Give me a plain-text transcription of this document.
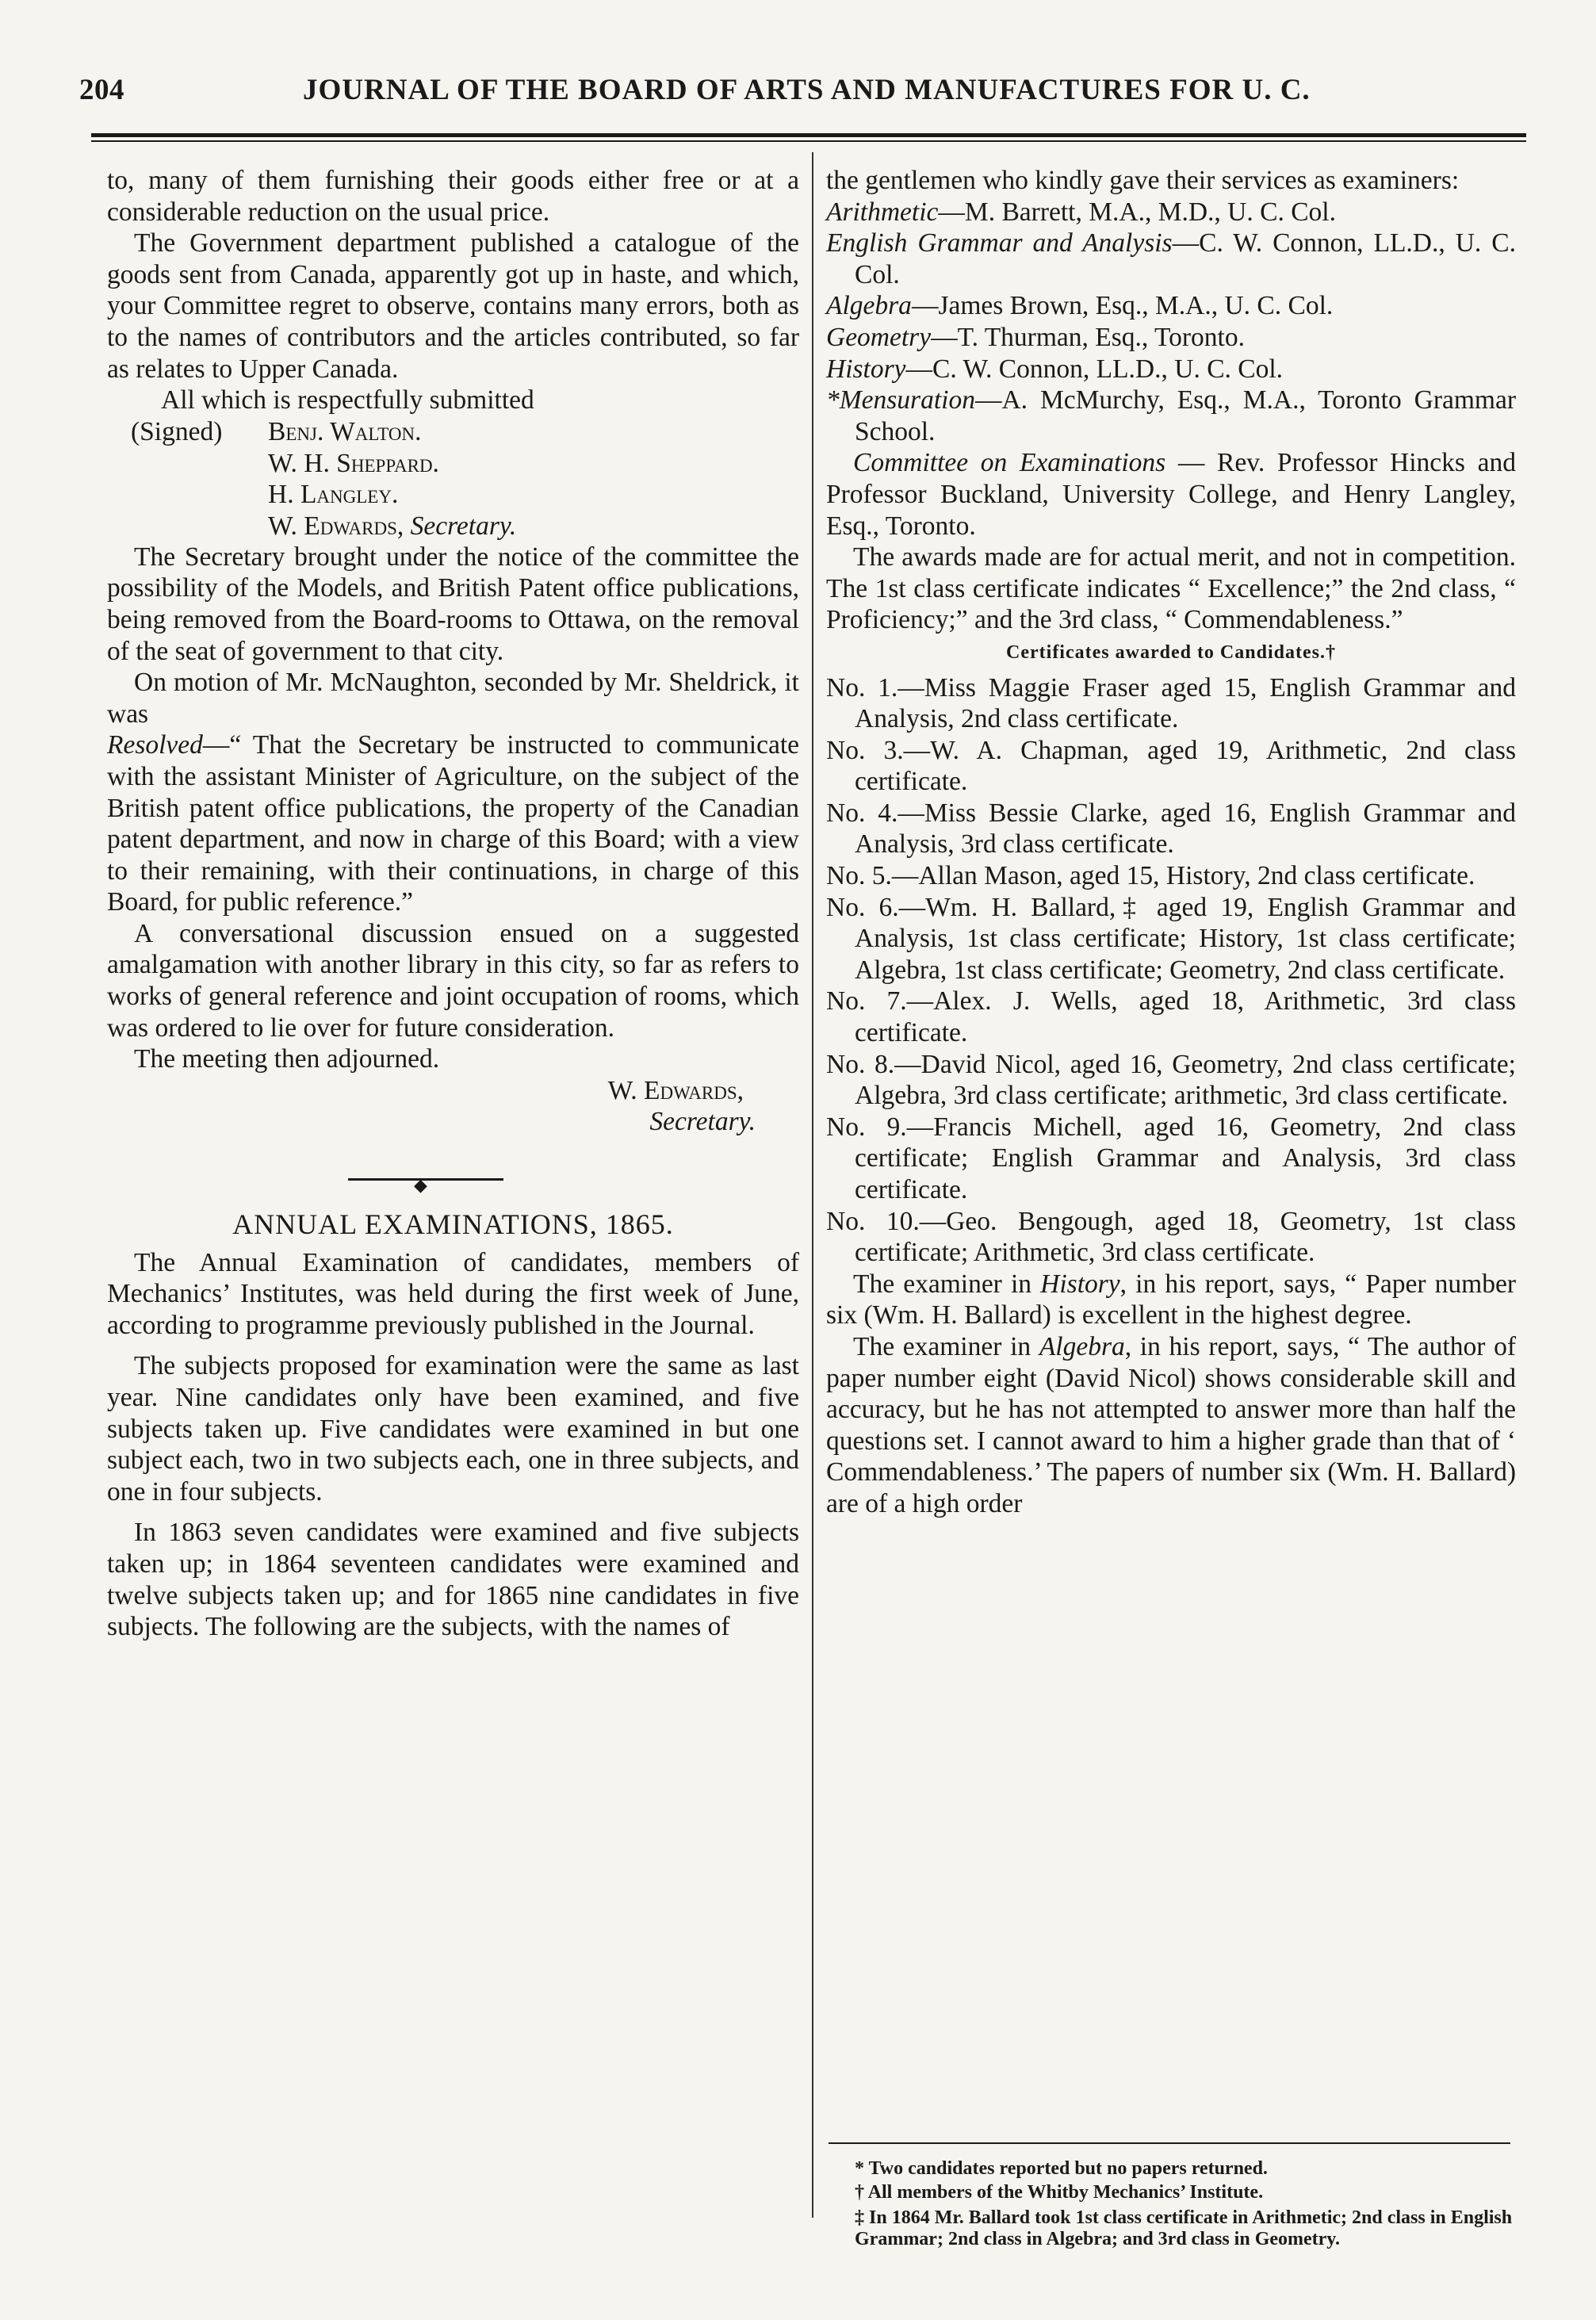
204	JOURNAL OF THE BOARD OF ARTS AND MANUFACTURES FOR U. C.

to, many of them furnishing their goods either free or at a considerable reduction on the usual price.

The Government department published a catalogue of the goods sent from Canada, apparently got up in haste, and which, your Committee regret to observe, contains many errors, both as to the names of contributors and the articles contributed, so far as relates to Upper Canada.

All which is respectfully submitted

(Signed) Benj. Walton.
W. H. Sheppard.
H. Langley.
W. Edwards, Secretary.

The Secretary brought under the notice of the committee the possibility of the Models, and British Patent office publications, being removed from the Board-rooms to Ottawa, on the removal of the seat of government to that city.

On motion of Mr. McNaughton, seconded by Mr. Sheldrick, it was

Resolved—“ That the Secretary be instructed to communicate with the assistant Minister of Agriculture, on the subject of the British patent office publications, the property of the Canadian patent department, and now in charge of this Board; with a view to their remaining, with their continuations, in charge of this Board, for public reference.”

A conversational discussion ensued on a suggested amalgamation with another library in this city, so far as refers to works of general reference and joint occupation of rooms, which was ordered to lie over for future consideration.

The meeting then adjourned.

W. Edwards,

Secretary.

◆
ANNUAL EXAMINATIONS, 1865.

The Annual Examination of candidates, members of Mechanics’ Institutes, was held during the first week of June, according to programme previously published in the Journal.

The subjects proposed for examination were the same as last year. Nine candidates only have been examined, and five subjects taken up. Five candidates were examined in but one subject each, two in two subjects each, one in three subjects, and one in four subjects.

In 1863 seven candidates were examined and five subjects taken up; in 1864 seventeen candidates were examined and twelve subjects taken up; and for 1865 nine candidates in five subjects. The following are the subjects, with the names of

the gentlemen who kindly gave their services as examiners:

Arithmetic—M. Barrett, M.A., M.D., U. C. Col.

English Grammar and Analysis—C. W. Connon, LL.D., U. C. Col.

Algebra—James Brown, Esq., M.A., U. C. Col.

Geometry—T. Thurman, Esq., Toronto.

History—C. W. Connon, LL.D., U. C. Col.

*Mensuration—A. McMurchy, Esq., M.A., Toronto Grammar School.

Committee on Examinations — Rev. Professor Hincks and Professor Buckland, University College, and Henry Langley, Esq., Toronto.

The awards made are for actual merit, and not in competition. The 1st class certificate indicates “ Excellence;” the 2nd class, “ Proficiency;” and the 3rd class, “ Commendableness.”

Certificates awarded to Candidates.†

No. 1.—Miss Maggie Fraser aged 15, English Grammar and Analysis, 2nd class certificate.

No. 3.—W. A. Chapman, aged 19, Arithmetic, 2nd class certificate.

No. 4.—Miss Bessie Clarke, aged 16, English Grammar and Analysis, 3rd class certificate.

No. 5.—Allan Mason, aged 15, History, 2nd class certificate.

No. 6.—Wm. H. Ballard,‡ aged 19, English Grammar and Analysis, 1st class certificate; History, 1st class certificate; Algebra, 1st class certificate; Geometry, 2nd class certificate.

No. 7.—Alex. J. Wells, aged 18, Arithmetic, 3rd class certificate.

No. 8.—David Nicol, aged 16, Geometry, 2nd class certificate; Algebra, 3rd class certificate; arithmetic, 3rd class certificate.

No. 9.—Francis Michell, aged 16, Geometry, 2nd class certificate; English Grammar and Analysis, 3rd class certificate.

No. 10.—Geo. Bengough, aged 18, Geometry, 1st class certificate; Arithmetic, 3rd class certificate.

The examiner in History, in his report, says, “ Paper number six (Wm. H. Ballard) is excellent in the highest degree.

The examiner in Algebra, in his report, says, “ The author of paper number eight (David Nicol) shows considerable skill and accuracy, but he has not attempted to answer more than half the questions set. I cannot award to him a higher grade than that of ‘ Commendableness.’ The papers of number six (Wm. H. Ballard) are of a high order

* Two candidates reported but no papers returned.

† All members of the Whitby Mechanics’ Institute.

‡ In 1864 Mr. Ballard took 1st class certificate in Arithmetic; 2nd class in English Grammar; 2nd class in Algebra; and 3rd class in Geometry.
